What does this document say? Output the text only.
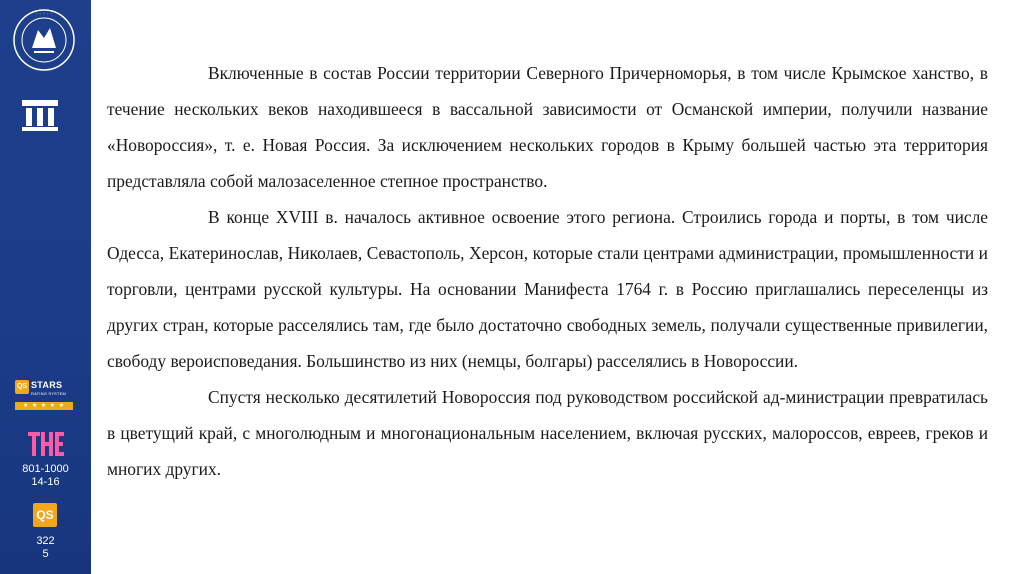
◦ ◦ ◦ ◦ ◦
QS STARS
RATING SYSTEM
★ ★ ★ ★ ★
801-1000
14-16
QS
322
5

Включенные в состав России территории Северного Причерноморья, в том числе Крымское ханство, в течение нескольких веков находившееся в вассальной зависимости от Османской империи, получили название «Новороссия», т. е. Новая Россия. За исключением нескольких городов в Крыму большей частью эта территория представляла собой малозаселенное степное пространство.

В конце XVIII в. началось активное освоение этого региона. Строились города и порты, в том числе Одесса, Екатеринослав, Николаев, Севастополь, Херсон, которые стали центрами администрации, промышленности и торговли, центрами русской культуры. На основании Манифеста 1764 г. в Россию приглашались переселенцы из других стран, которые расселялись там, где было достаточно свободных земель, получали существенные привилегии, свободу вероисповедания. Большинство из них (немцы, болгары) расселялись в Новороссии.

Спустя несколько десятилетий Новороссия под руководством российской ад-министрации превратилась в цветущий край, с многолюдным и многонациональным населением, включая русских, малороссов, евреев, греков и многих других.
